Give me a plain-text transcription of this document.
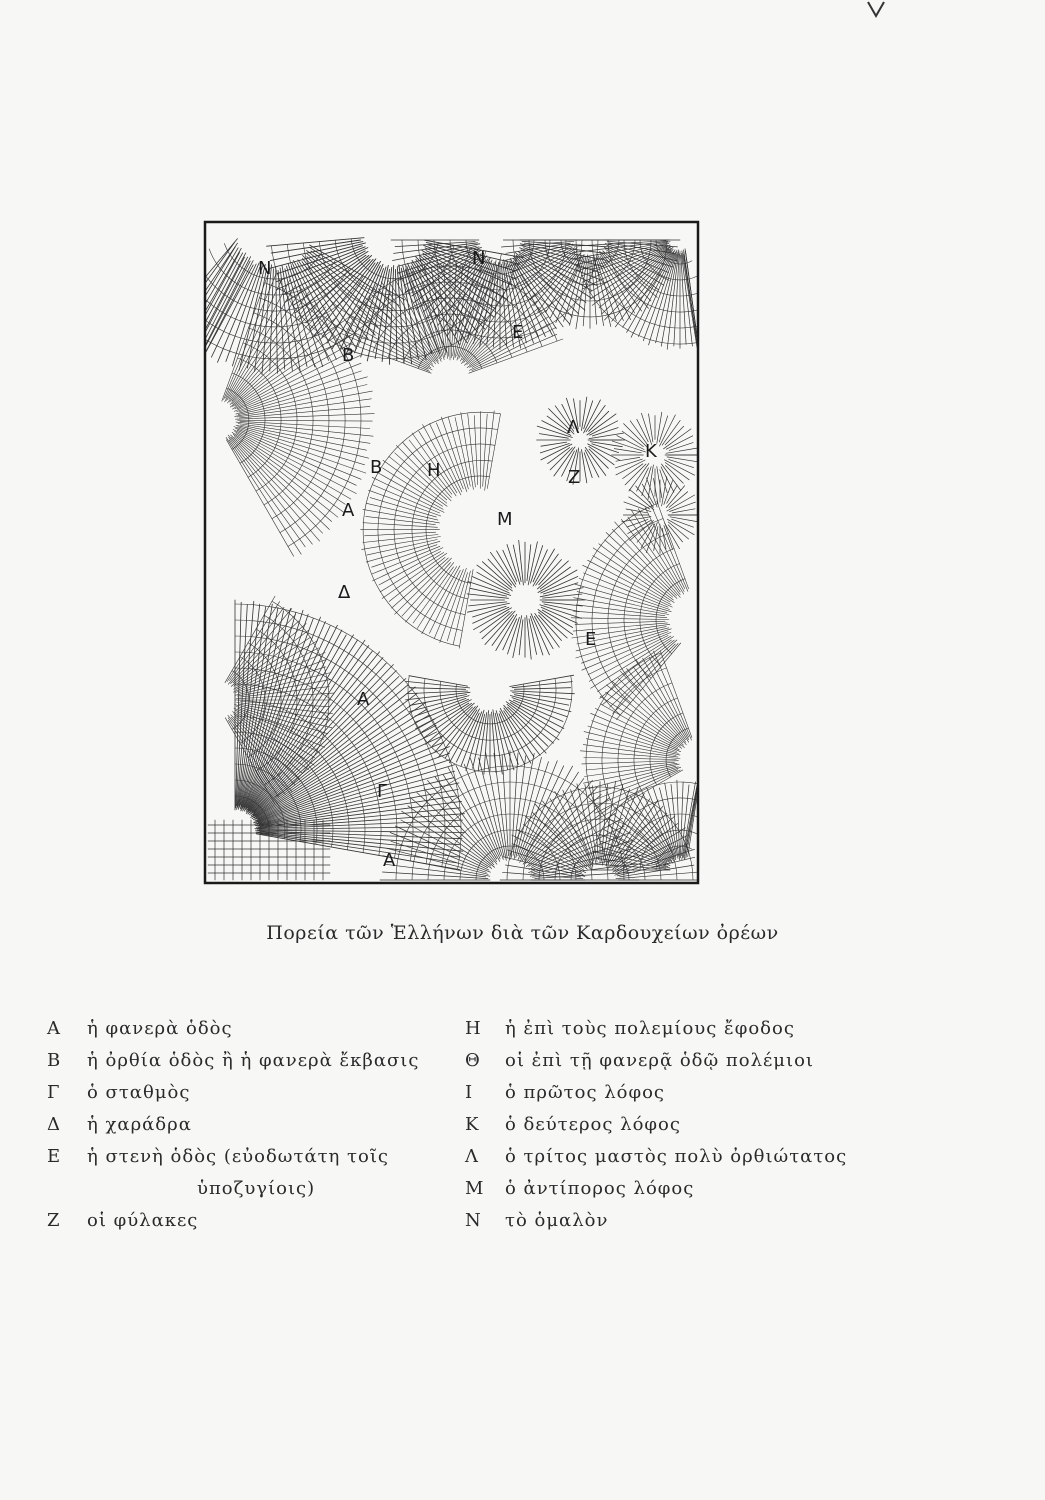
N	N
B
E
Λ
K
B H	Z
A	M
Δ
E
A
Γ
A
Πορεία τῶν Ἑλλήνων διὰ τῶν Καρδουχείων ὀρέων
Α ἡ φανερὰ ὁδὸς
Β ἡ ὀρθία ὁδὸς ἢ ἡ φανερὰ ἔκβασις
Γ ὁ σταθμὸς
Δ ἡ χαράδρα
Ε ἡ στενὴ ὁδὸς (εὐοδωτάτη τοῖς
ὑποζυγίοις)
Ζ οἱ φύλακες
Η ἡ ἐπὶ τοὺς πολεμίους ἔφοδος
Θ οἱ ἐπὶ τῇ φανερᾷ ὁδῷ πολέμιοι
Ι ὁ πρῶτος λόφος
Κ ὁ δεύτερος λόφος
Λ ὁ τρίτος μαστὸς πολὺ ὀρθιώτατος
Μ ὁ ἀντίπορος λόφος
Ν τὸ ὁμαλὸν
